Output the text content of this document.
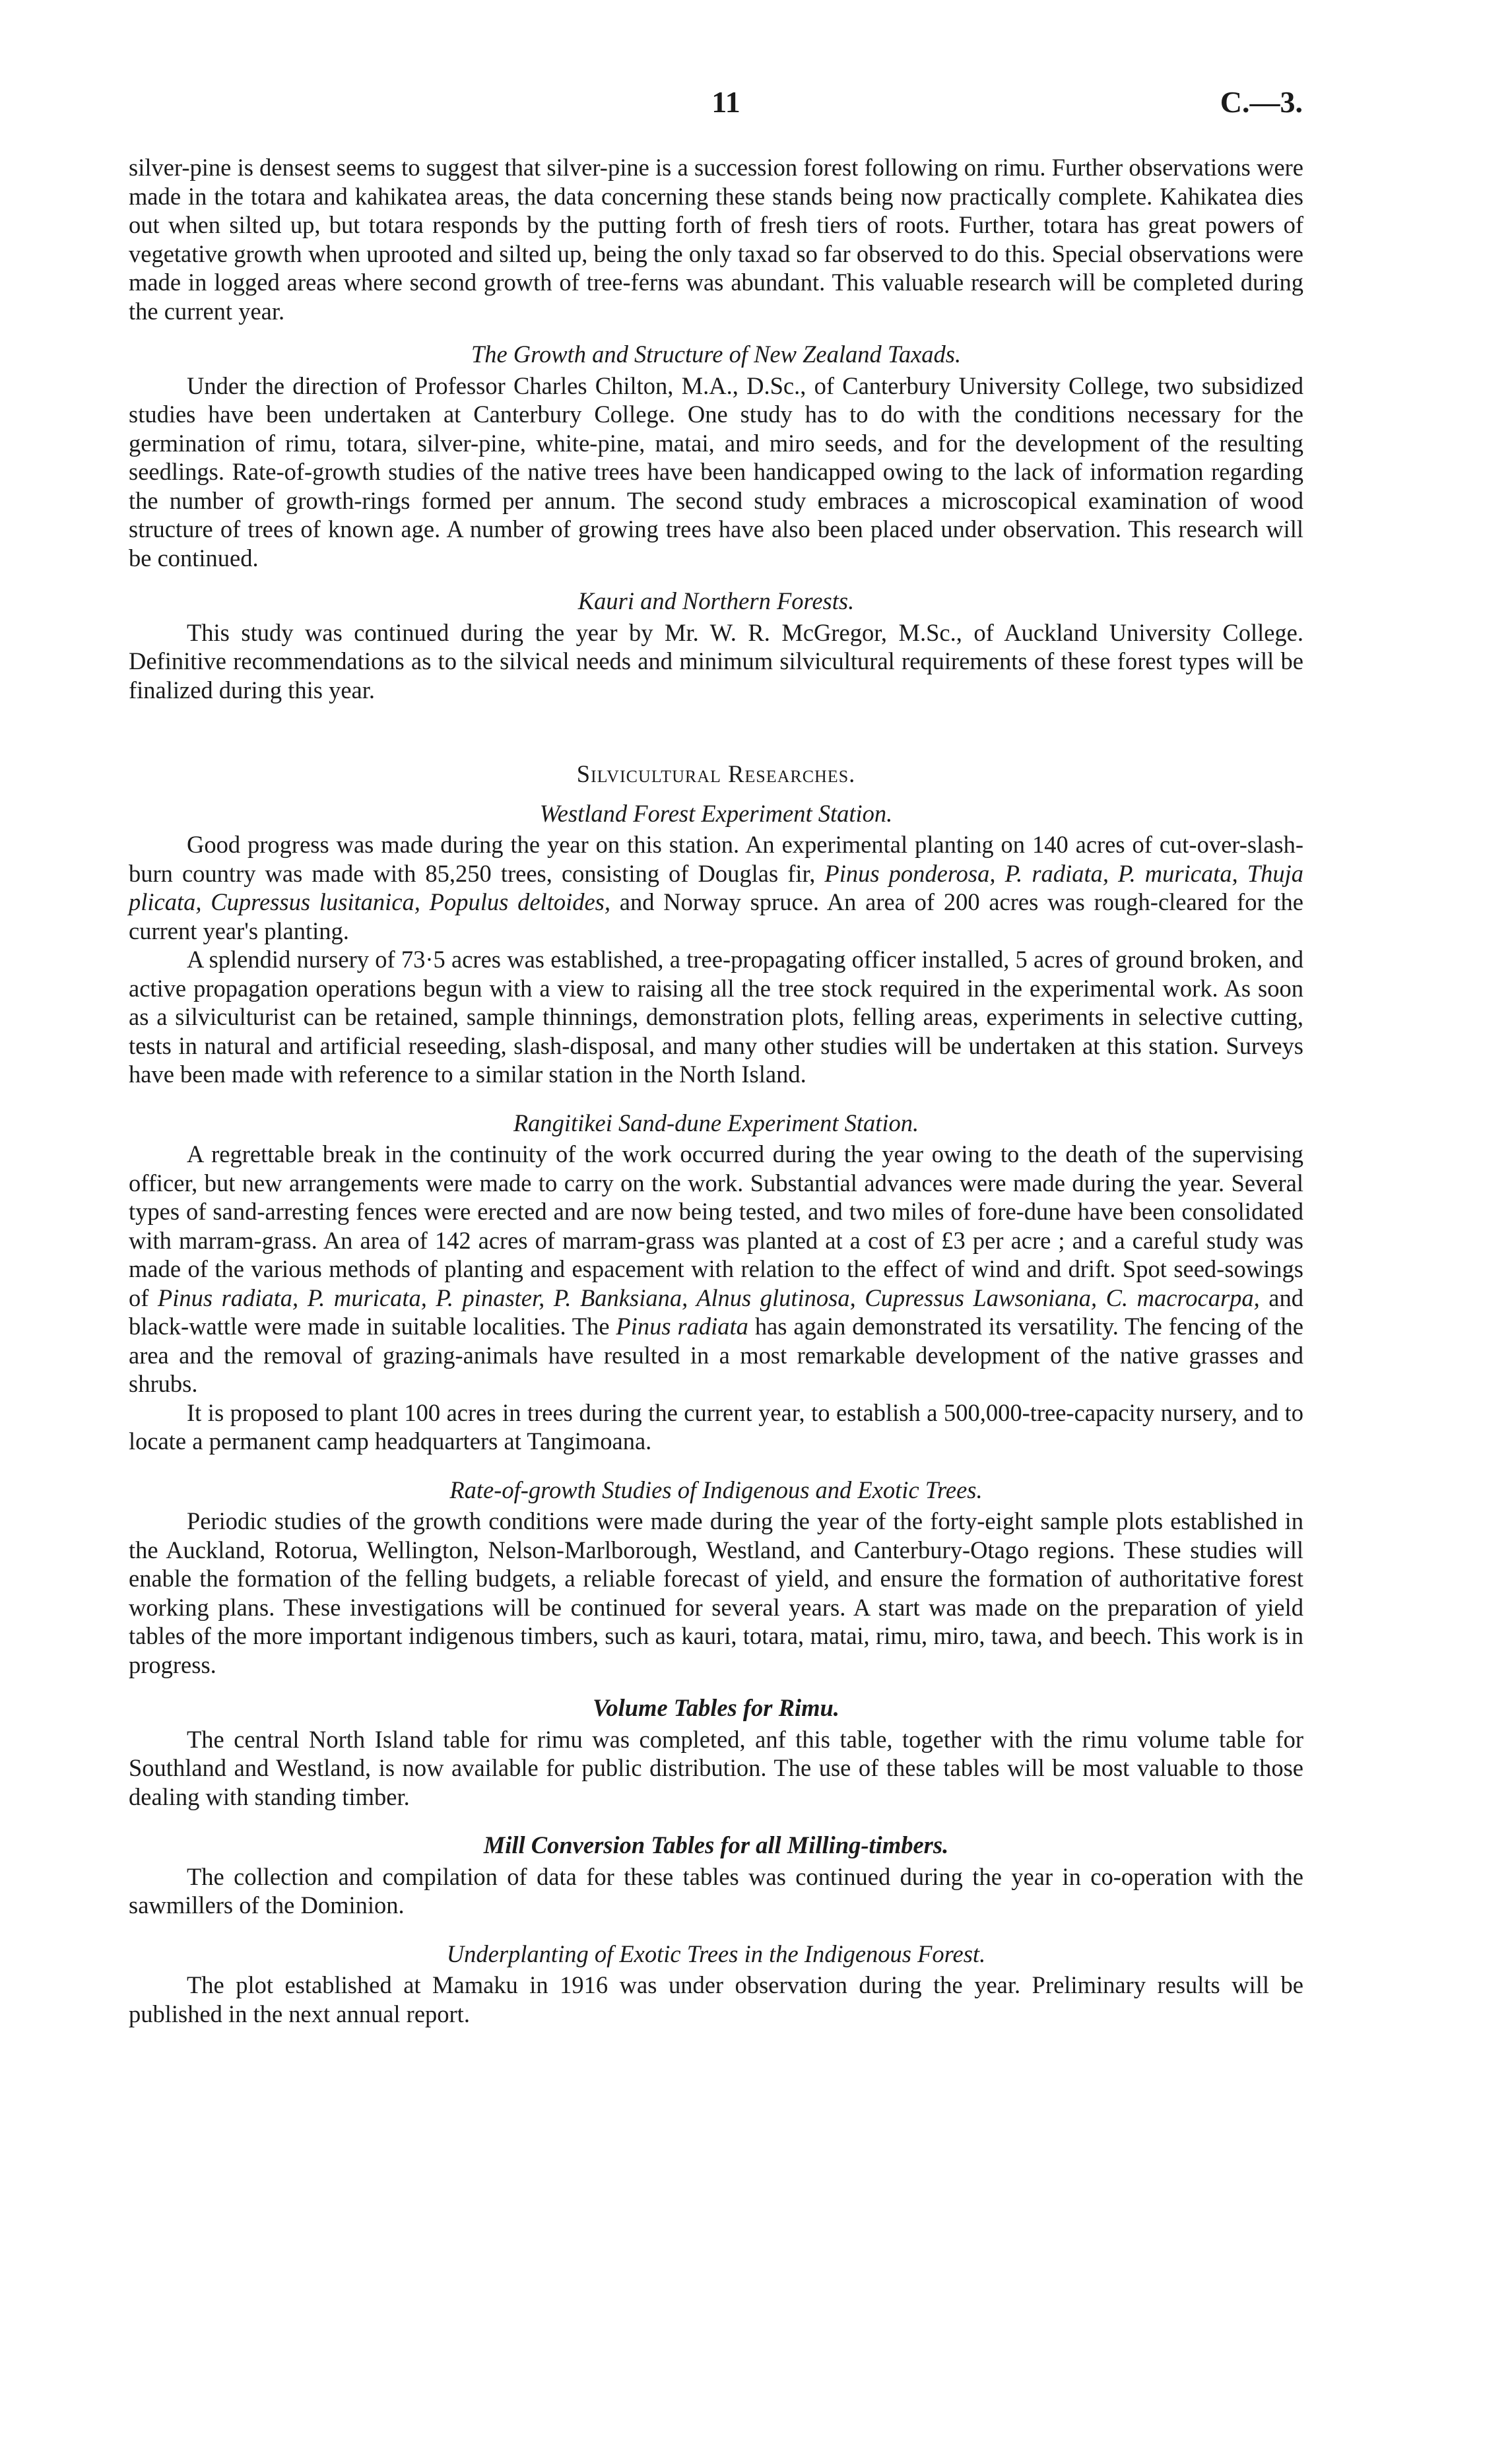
11	C.—3.

silver-pine is densest seems to suggest that silver-pine is a succession forest following on rimu. Further observations were made in the totara and kahikatea areas, the data concerning these stands being now practically complete. Kahikatea dies out when silted up, but totara responds by the putting forth of fresh tiers of roots. Further, totara has great powers of vegetative growth when uprooted and silted up, being the only taxad so far observed to do this. Special observations were made in logged areas where second growth of tree-ferns was abundant. This valuable research will be completed during the current year.

The Growth and Structure of New Zealand Taxads.

Under the direction of Professor Charles Chilton, M.A., D.Sc., of Canterbury University College, two subsidized studies have been undertaken at Canterbury College. One study has to do with the conditions necessary for the germination of rimu, totara, silver-pine, white-pine, matai, and miro seeds, and for the development of the resulting seedlings. Rate-of-growth studies of the native trees have been handicapped owing to the lack of information regarding the number of growth-rings formed per annum. The second study embraces a microscopical examination of wood structure of trees of known age. A number of growing trees have also been placed under observation. This research will be continued.

Kauri and Northern Forests.

This study was continued during the year by Mr. W. R. McGregor, M.Sc., of Auckland University College. Definitive recommendations as to the silvical needs and minimum silvicultural requirements of these forest types will be finalized during this year.

Silvicultural Researches.
Westland Forest Experiment Station.

Good progress was made during the year on this station. An experimental planting on 140 acres of cut-over-slash-burn country was made with 85,250 trees, consisting of Douglas fir, Pinus ponderosa, P. radiata, P. muricata, Thuja plicata, Cupressus lusitanica, Populus deltoides, and Norway spruce. An area of 200 acres was rough-cleared for the current year's planting.

A splendid nursery of 73·5 acres was established, a tree-propagating officer installed, 5 acres of ground broken, and active propagation operations begun with a view to raising all the tree stock required in the experimental work. As soon as a silviculturist can be retained, sample thinnings, demonstration plots, felling areas, experiments in selective cutting, tests in natural and artificial reseeding, slash-disposal, and many other studies will be undertaken at this station. Surveys have been made with reference to a similar station in the North Island.

Rangitikei Sand-dune Experiment Station.

A regrettable break in the continuity of the work occurred during the year owing to the death of the supervising officer, but new arrangements were made to carry on the work. Substantial advances were made during the year. Several types of sand-arresting fences were erected and are now being tested, and two miles of fore-dune have been consolidated with marram-grass. An area of 142 acres of marram-grass was planted at a cost of £3 per acre ; and a careful study was made of the various methods of planting and espacement with relation to the effect of wind and drift. Spot seed-sowings of Pinus radiata, P. muricata, P. pinaster, P. Banksiana, Alnus glutinosa, Cupressus Lawsoniana, C. macrocarpa, and black-wattle were made in suitable localities. The Pinus radiata has again demonstrated its versatility. The fencing of the area and the removal of grazing-animals have resulted in a most remarkable development of the native grasses and shrubs.

It is proposed to plant 100 acres in trees during the current year, to establish a 500,000-tree-capacity nursery, and to locate a permanent camp headquarters at Tangimoana.

Rate-of-growth Studies of Indigenous and Exotic Trees.

Periodic studies of the growth conditions were made during the year of the forty-eight sample plots established in the Auckland, Rotorua, Wellington, Nelson-Marlborough, Westland, and Canterbury-Otago regions. These studies will enable the formation of the felling budgets, a reliable forecast of yield, and ensure the formation of authoritative forest working plans. These investigations will be continued for several years. A start was made on the preparation of yield tables of the more important indigenous timbers, such as kauri, totara, matai, rimu, miro, tawa, and beech. This work is in progress.

Volume Tables for Rimu.

The central North Island table for rimu was completed, anf this table, together with the rimu volume table for Southland and Westland, is now available for public distribution. The use of these tables will be most valuable to those dealing with standing timber.

Mill Conversion Tables for all Milling-timbers.

The collection and compilation of data for these tables was continued during the year in co-operation with the sawmillers of the Dominion.

Underplanting of Exotic Trees in the Indigenous Forest.

The plot established at Mamaku in 1916 was under observation during the year. Preliminary results will be published in the next annual report.
